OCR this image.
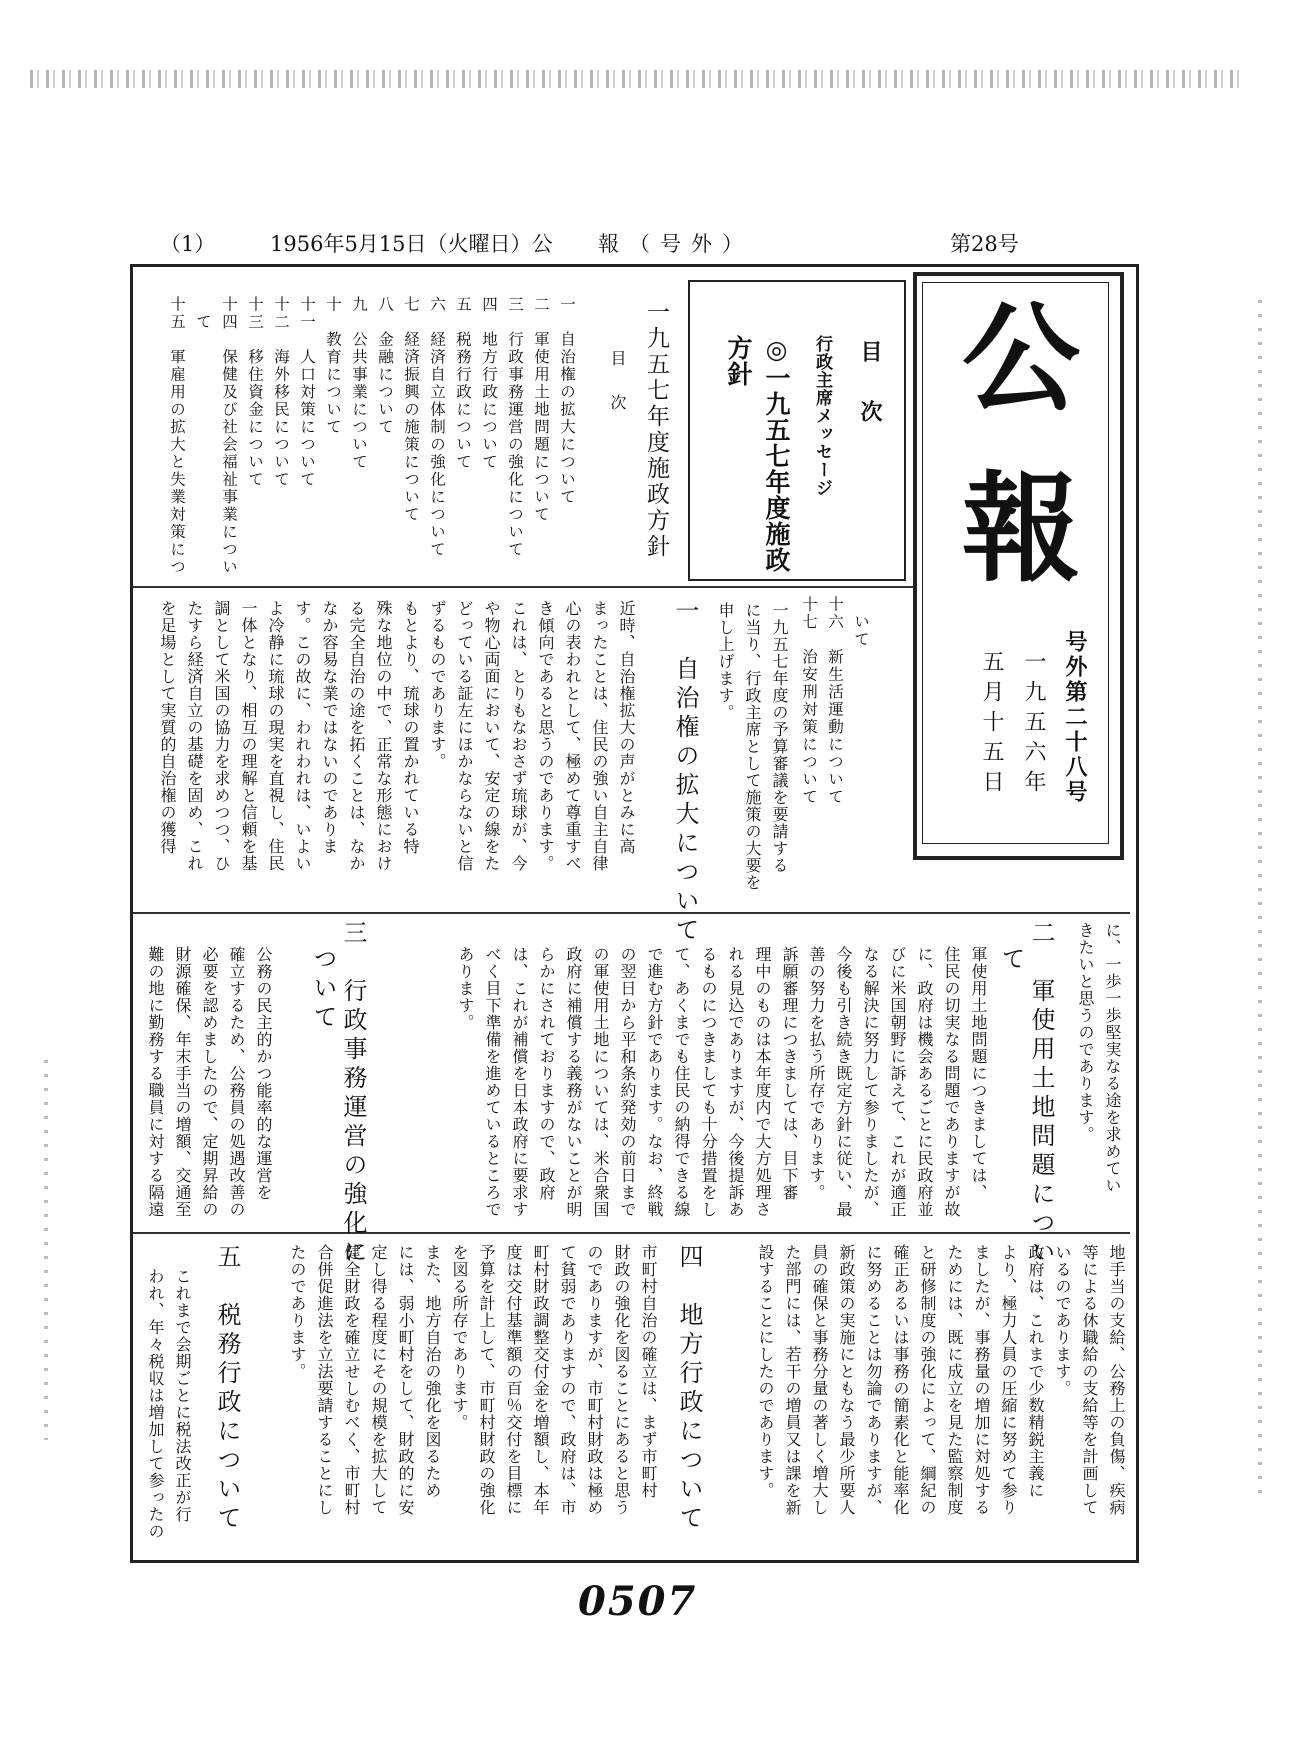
（1）	1956年5月15日（火曜日）公 報（号外）	第28号
公
報
号外第二十八号
一九五六年
五月十五日
目　次
行政主席メッセージ
◎一九五七年度施政
方針
一九五七年度施政方針
目　次
一　自治権の拡大について
二　軍使用土地問題について
三　行政事務運営の強化について
四　地方行政について
五　税務行政について
六　経済自立体制の強化について
七　経済振興の施策について
八　金融について
九　公共事業について
十　教育について
十一　人口対策について
十二　海外移民について
十三　移住資金について
十四　保健及び社会福祉事業につい
　て
十五　軍雇用の拡大と失業対策につ
　いて
十六　新生活運動について
十七　治安刑対策について
一九五七年度の予算審議を要請する
に当り、行政主席として施策の大要を
申し上げます。
一　自治権の拡大について
近時、自治権拡大の声がとみに高
まったことは、住民の強い自主自律
心の表われとして、極めて尊重すべ
き傾向であると思うのであります。
これは、とりもなおさず琉球が、今
や物心両面において、安定の線をた
どっている証左にほかならないと信
ずるものであります。
もとより、琉球の置かれている特
殊な地位の中で、正常な形態におけ
る完全自治の途を拓くことは、なか
なか容易な業ではないのでありま
す。この故に、われわれは、いよい
よ冷静に琉球の現実を直視し、住民
一体となり、相互の理解と信頼を基
調として米国の協力を求めつつ、ひ
たすら経済自立の基礎を固め、これ
を足場として実質的自治権の獲得
に、一歩一歩堅実なる途を求めてい
きたいと思うのであります。
二　軍使用土地問題につい
て
軍使用土地問題につきましては、
住民の切実なる問題でありますが故
に、政府は機会あるごとに民政府並
びに米国朝野に訴えて、これが適正
なる解決に努力して参りましたが、
今後も引き続き既定方針に従い、最
善の努力を払う所存であります。
訴願審理につきましては、目下審
理中のものは本年度内で大方処理さ
れる見込でありますが、今後提訴あ
るものにつきましても十分措置をし
て、あくまでも住民の納得できる線
で進む方針であります。なお、終戦
の翌日から平和条約発効の前日まで
の軍使用土地については、米合衆国
政府に補償する義務がないことが明
らかにされておりますので、政府
は、これが補償を日本政府に要求す
べく目下準備を進めているところで
あります。
三　行政事務運営の強化に
ついて
公務の民主的かつ能率的な運営を
確立するため、公務員の処遇改善の
必要を認めましたので、定期昇給の
財源確保、年末手当の増額、交通至
難の地に勤務する職員に対する隔遠
地手当の支給、公務上の負傷、疾病
等による休職給の支給等を計画して
いるのであります。
政府は、これまで少数精鋭主義に
より、極力人員の圧縮に努めて参り
ましたが、事務量の増加に対処する
ためには、既に成立を見た監察制度
と研修制度の強化によって、綱紀の
確正あるいは事務の簡素化と能率化
に努めることは勿論でありますが、
新政策の実施にともなう最少所要人
員の確保と事務分量の著しく増大し
た部門には、若干の増員又は課を新
設することにしたのであります。
四　地方行政について
市町村自治の確立は、まず市町村
財政の強化を図ることにあると思う
のでありますが、市町村財政は極め
て貧弱でありますので、政府は、市
町村財政調整交付金を増額し、本年
度は交付基準額の百％交付を目標に
予算を計上して、市町村財政の強化
を図る所存であります。
また、地方自治の強化を図るため
には、弱小町村をして、財政的に安
定し得る程度にその規模を拡大して
健全財政を確立せしむべく、市町村
合併促進法を立法要請することにし
たのであります。
五　税務行政について
これまで会期ごとに税法改正が行
われ、年々税収は増加して参ったの
0507
